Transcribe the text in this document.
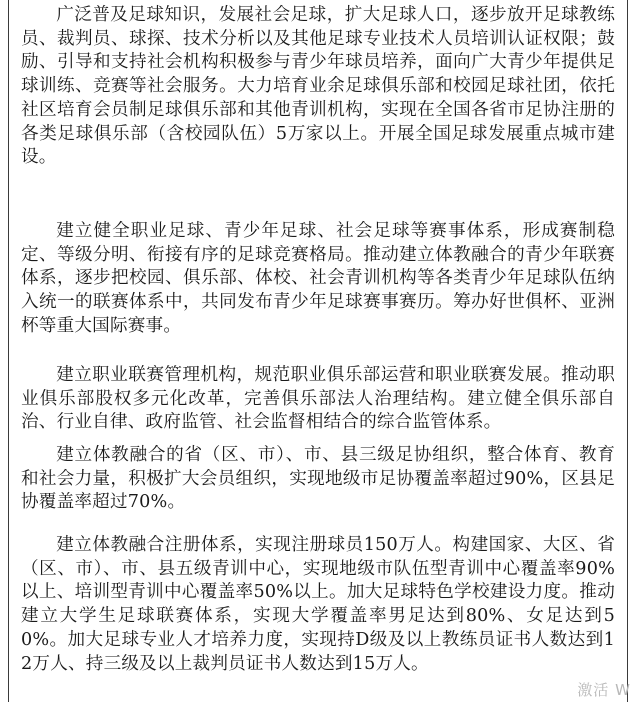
广泛普及足球知识，发展社会足球，扩大足球人口，逐步放开足球教练员、裁判员、球探、技术分析以及其他足球专业技术人员培训认证权限；鼓励、引导和支持社会机构积极参与青少年球员培养，面向广大青少年提供足球训练、竞赛等社会服务。大力培育业余足球俱乐部和校园足球社团，依托社区培育会员制足球俱乐部和其他青训机构，实现在全国各省市足协注册的各类足球俱乐部（含校园队伍）5万家以上。开展全国足球发展重点城市建设。

建立健全职业足球、青少年足球、社会足球等赛事体系，形成赛制稳定、等级分明、衔接有序的足球竞赛格局。推动建立体教融合的青少年联赛体系，逐步把校园、俱乐部、体校、社会青训机构等各类青少年足球队伍纳入统一的联赛体系中，共同发布青少年足球赛事赛历。筹办好世俱杯、亚洲杯等重大国际赛事。

建立职业联赛管理机构，规范职业俱乐部运营和职业联赛发展。推动职业俱乐部股权多元化改革，完善俱乐部法人治理结构。建立健全俱乐部自治、行业自律、政府监管、社会监督相结合的综合监管体系。

建立体教融合的省（区、市）、市、县三级足协组织，整合体育、教育和社会力量，积极扩大会员组织，实现地级市足协覆盖率超过90%，区县足协覆盖率超过70%。

建立体教融合注册体系，实现注册球员150万人。构建国家、大区、省（区、市）、市、县五级青训中心，实现地级市队伍型青训中心覆盖率90%以上、培训型青训中心覆盖率50%以上。加大足球特色学校建设力度。推动建立大学生足球联赛体系，实现大学覆盖率男足达到80%、女足达到50%。加大足球专业人才培养力度，实现持D级及以上教练员证书人数达到12万人、持三级及以上裁判员证书人数达到15万人。

激活 W
